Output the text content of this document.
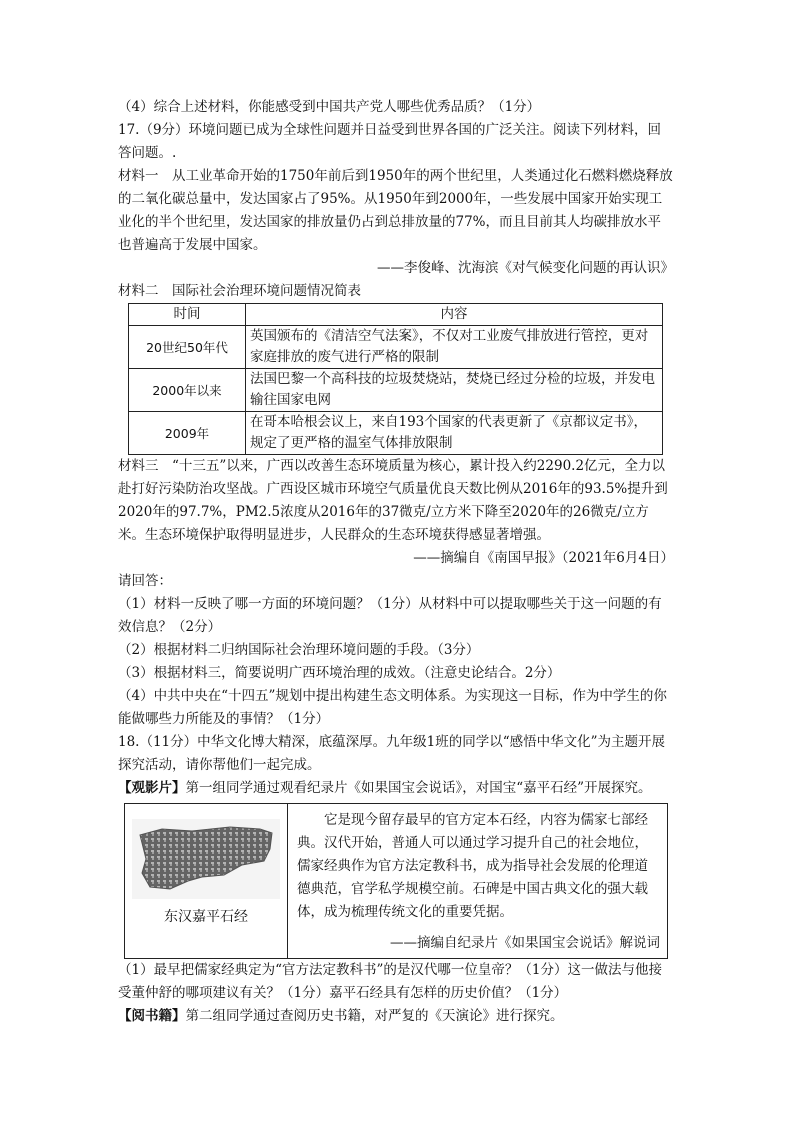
（4）综合上述材料，你能感受到中国共产党人哪些优秀品质？（1分）

17.（9分）环境问题已成为全球性问题并日益受到世界各国的广泛关注。阅读下列材料，回答问题。.

材料一  从工业革命开始的1750年前后到1950年的两个世纪里，人类通过化石燃料燃烧释放的二氧化碳总量中，发达国家占了95%。从1950年到2000年，一些发展中国家开始实现工业化的半个世纪里，发达国家的排放量仍占到总排放量的77%，而且目前其人均碳排放水平也普遍高于发展中国家。

——李俊峰、沈海滨《对气候变化问题的再认识》

材料二　国际社会治理环境问题情况简表

时间	内容
20世纪50年代	英国颁布的《清洁空气法案》，不仅对工业废气排放进行管控，更对家庭排放的废气进行严格的限制
2000年以来	法国巴黎一个高科技的垃圾焚烧站，焚烧已经过分检的垃圾，并发电输往国家电网
2009年	在哥本哈根会议上，来自193个国家的代表更新了《京都议定书》，规定了更严格的温室气体排放限制

材料三  “十三五”以来，广西以改善生态环境质量为核心，累计投入约2290.2亿元，全力以赴打好污染防治攻坚战。广西设区城市环境空气质量优良天数比例从2016年的93.5%提升到2020年的97.7%，PM2.5浓度从2016年的37微克/立方米下降至2020年的26微克/立方米。生态环境保护取得明显进步，人民群众的生态环境获得感显著增强。

——摘编自《南国早报》（2021年6月4日）

请回答：

（1）材料一反映了哪一方面的环境问题？（1分）从材料中可以提取哪些关于这一问题的有效信息？（2分）

（2）根据材料二归纳国际社会治理环境问题的手段。（3分）

（3）根据材料三，简要说明广西环境治理的成效。（注意史论结合。2分）

（4）中共中央在“十四五”规划中提出构建生态文明体系。为实现这一目标，作为中学生的你能做哪些力所能及的事情？（1分）

18.（11分）中华文化博大精深，底蕴深厚。九年级1班的同学以“感悟中华文化”为主题开展探究活动，请你帮他们一起完成。

【观影片】第一组同学通过观看纪录片《如果国宝会说话》，对国宝“嘉平石经”开展探究。

东汉嘉平石经

它是现今留存最早的官方定本石经，内容为儒家七部经典。汉代开始，普通人可以通过学习提升自己的社会地位，儒家经典作为官方法定教科书，成为指导社会发展的伦理道德典范，官学私学规模空前。石碑是中国古典文化的强大载体，成为梳理传统文化的重要凭据。
——摘编自纪录片《如果国宝会说话》解说词

（1）最早把儒家经典定为“官方法定教科书”的是汉代哪一位皇帝？（1分）这一做法与他接受董仲舒的哪项建议有关？（1分）嘉平石经具有怎样的历史价值？（1分）

【阅书籍】第二组同学通过查阅历史书籍，对严复的《天演论》进行探究。
